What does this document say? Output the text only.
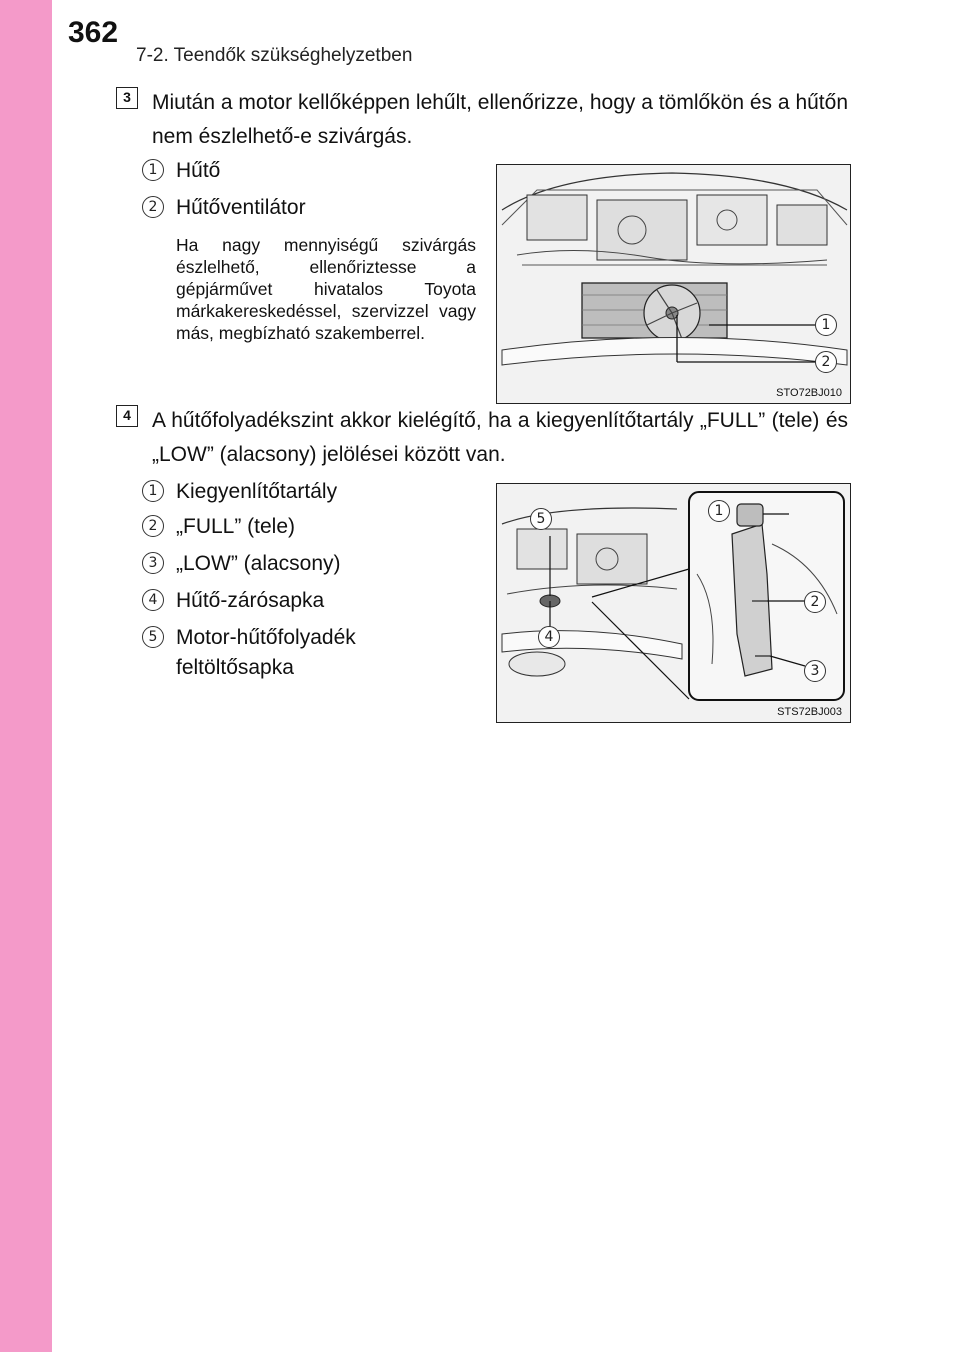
362
7-2. Teendők szükséghelyzetben
3	Miután a motor kellőképpen lehűlt, ellenőrizze, hogy a tömlőkön és a hűtőn nem észlelhető-e szivárgás.
1 Hűtő
2 Hűtőventilátor
Ha nagy mennyiségű szivárgás észlelhető, ellenőriztesse a gépjárművet hivatalos Toyota márkakereskedéssel, szervizzel vagy más, megbízható szakemberrel.	1
2
STO72BJ010
4	A hűtőfolyadékszint akkor kielégítő, ha a kiegyenlítőtartály „FULL” (tele) és „LOW” (alacsony) jelölései között van.
1 Kiegyenlítőtartály
2 „FULL” (tele)
3 „LOW” (alacsony)
4 Hűtő-zárósapka
5 Motor-hűtőfolyadék feltöltősapka
1
2
3
4
5
STS72BJ003
